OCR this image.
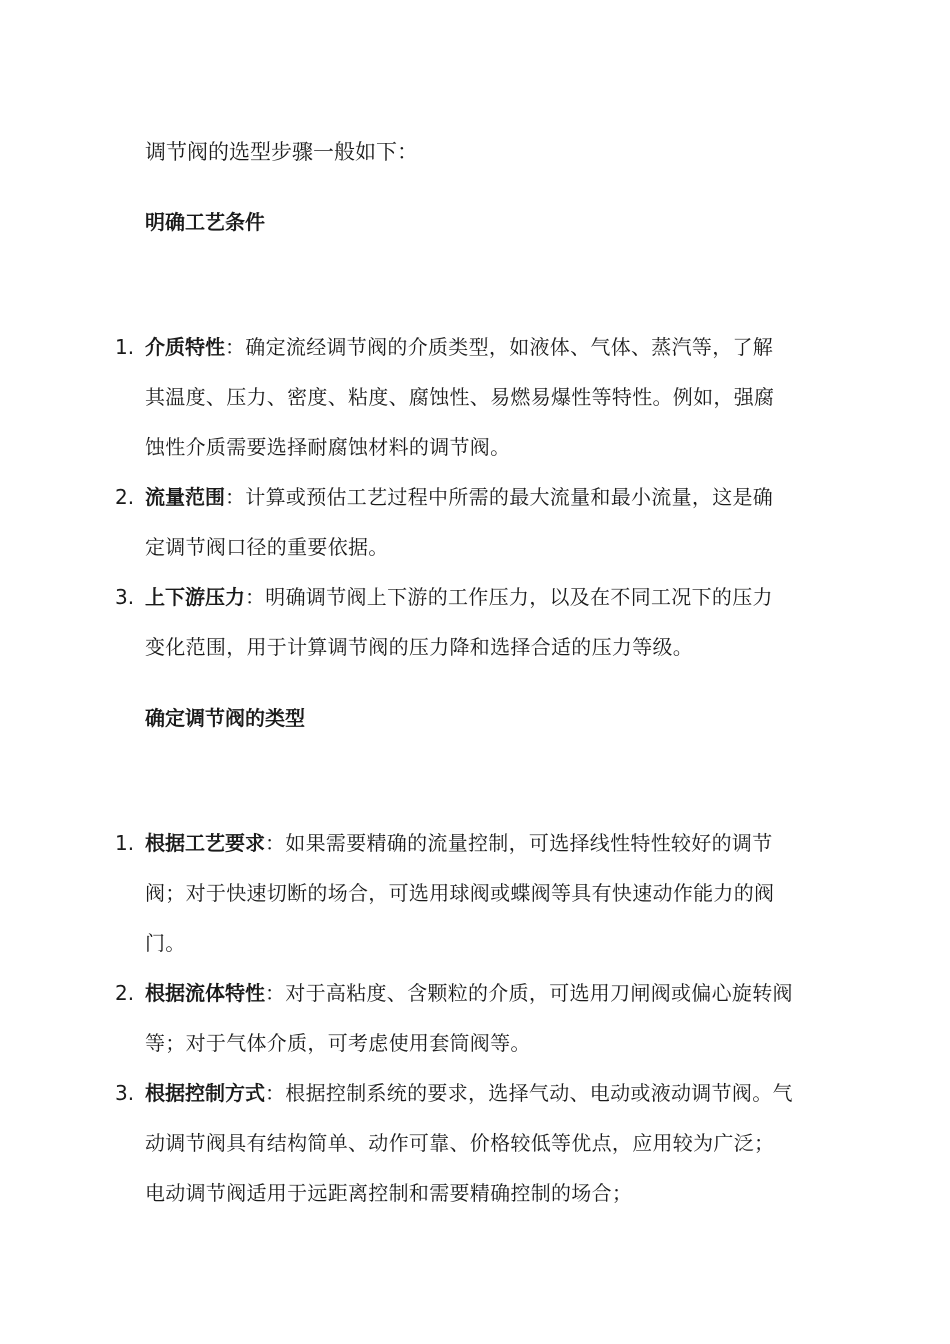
调节阀的选型步骤一般如下：

明确工艺条件
1. 介质特性：确定流经调节阀的介质类型，如液体、气体、蒸汽等，了解其温度、压力、密度、粘度、腐蚀性、易燃易爆性等特性。例如，强腐蚀性介质需要选择耐腐蚀材料的调节阀。
2. 流量范围：计算或预估工艺过程中所需的最大流量和最小流量，这是确定调节阀口径的重要依据。
3. 上下游压力：明确调节阀上下游的工作压力，以及在不同工况下的压力变化范围，用于计算调节阀的压力降和选择合适的压力等级。
确定调节阀的类型
1. 根据工艺要求：如果需要精确的流量控制，可选择线性特性较好的调节阀；对于快速切断的场合，可选用球阀或蝶阀等具有快速动作能力的阀门。
2. 根据流体特性：对于高粘度、含颗粒的介质，可选用刀闸阀或偏心旋转阀等；对于气体介质，可考虑使用套筒阀等。
3. 根据控制方式：根据控制系统的要求，选择气动、电动或液动调节阀。气动调节阀具有结构简单、动作可靠、价格较低等优点，应用较为广泛；电动调节阀适用于远距离控制和需要精确控制的场合；
